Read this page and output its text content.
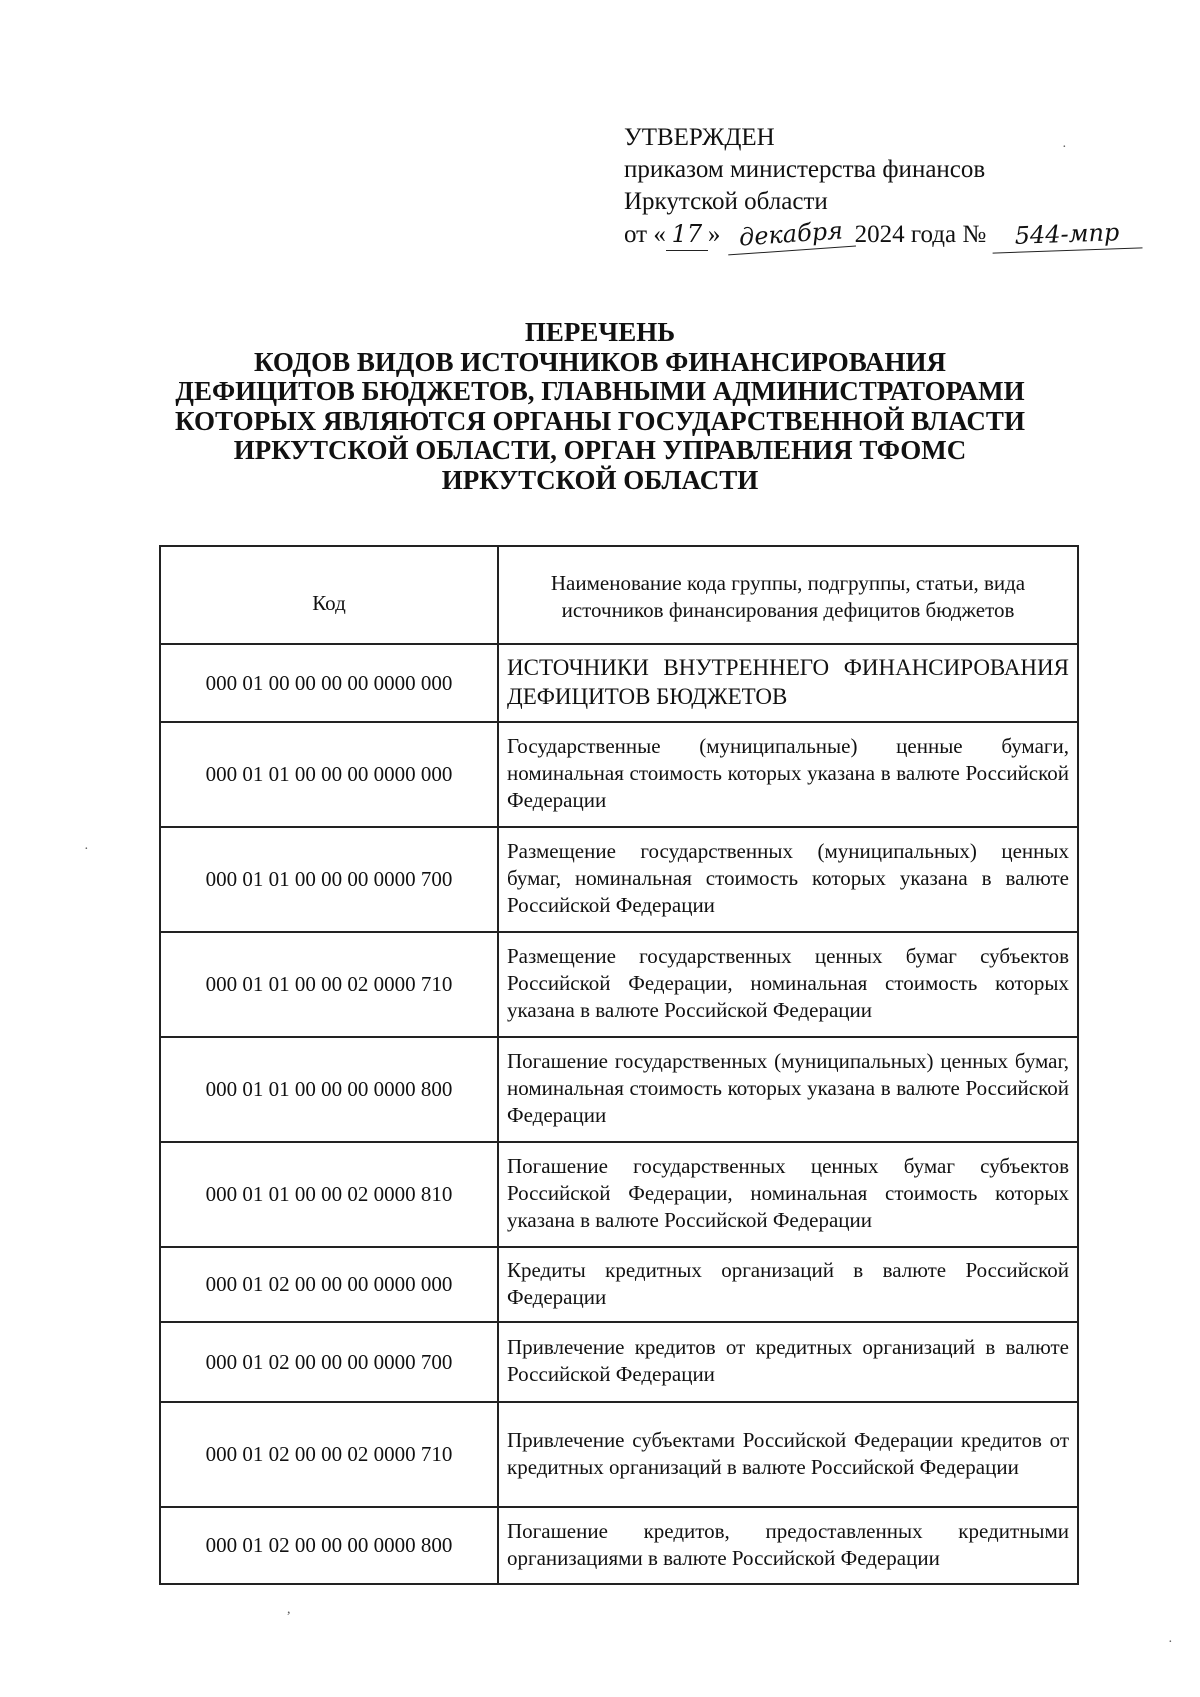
УТВЕРЖДЕН
приказом министерства финансов
Иркутской области
от « 17 » декабря 2024 года № 544-мпр
ПЕРЕЧЕНЬ
КОДОВ ВИДОВ ИСТОЧНИКОВ ФИНАНСИРОВАНИЯ
ДЕФИЦИТОВ БЮДЖЕТОВ, ГЛАВНЫМИ АДМИНИСТРАТОРАМИ
КОТОРЫХ ЯВЛЯЮТСЯ ОРГАНЫ ГОСУДАРСТВЕННОЙ ВЛАСТИ
ИРКУТСКОЙ ОБЛАСТИ, ОРГАН УПРАВЛЕНИЯ ТФОМС
ИРКУТСКОЙ ОБЛАСТИ
Код	Наименование кода группы, подгруппы, статьи, вида источников финансирования дефицитов бюджетов
000 01 00 00 00 00 0000 000	ИСТОЧНИКИ ВНУТРЕННЕГО ФИНАНСИРОВАНИЯ ДЕФИЦИТОВ БЮДЖЕТОВ
000 01 01 00 00 00 0000 000	Государственные (муниципальные) ценные бумаги, номинальная стоимость которых указана в валюте Российской Федерации
000 01 01 00 00 00 0000 700	Размещение государственных (муниципальных) ценных бумаг, номинальная стоимость которых указана в валюте Российской Федерации
000 01 01 00 00 02 0000 710	Размещение государственных ценных бумаг субъектов Российской Федерации, номинальная стоимость которых указана в валюте Российской Федерации
000 01 01 00 00 00 0000 800	Погашение государственных (муниципальных) ценных бумаг, номинальная стоимость которых указана в валюте Российской Федерации
000 01 01 00 00 02 0000 810	Погашение государственных ценных бумаг субъектов Российской Федерации, номинальная стоимость которых указана в валюте Российской Федерации
000 01 02 00 00 00 0000 000	Кредиты кредитных организаций в валюте Российской Федерации
000 01 02 00 00 00 0000 700	Привлечение кредитов от кредитных организаций в валюте Российской Федерации
000 01 02 00 00 02 0000 710	Привлечение субъектами Российской Федерации кредитов от кредитных организаций в валюте Российской Федерации
000 01 02 00 00 00 0000 800	Погашение кредитов, предоставленных кредитными организациями в валюте Российской Федерации
·
·
·
,
